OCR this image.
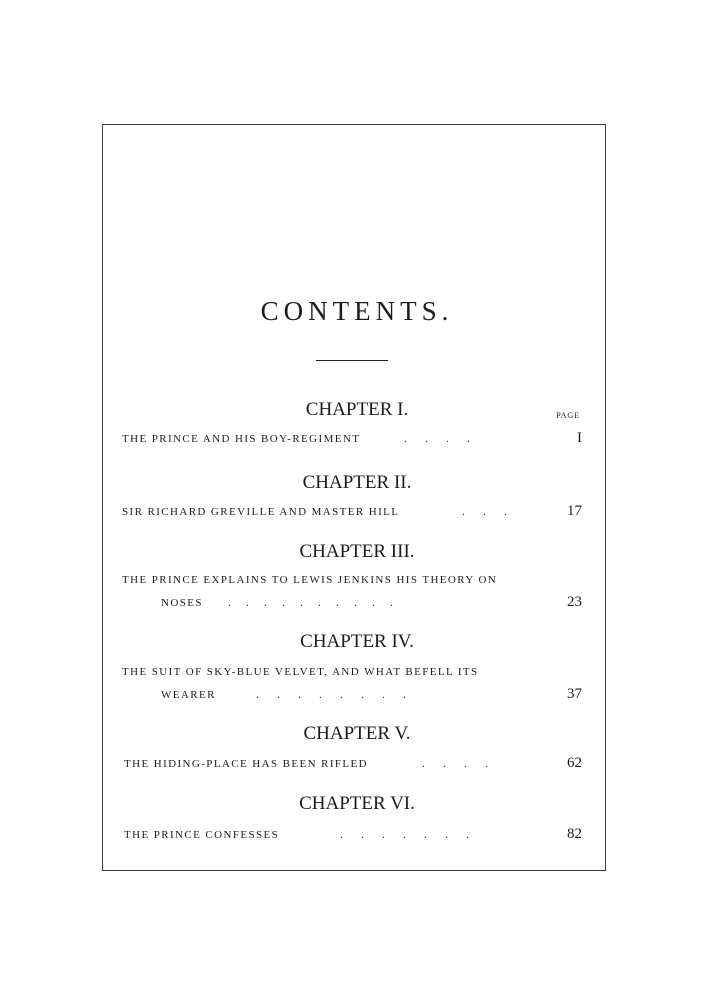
CONTENTS.
PAGE
CHAPTER I.
THE PRINCE AND HIS BOY-REGIMENT	.      .      .      .	I
CHAPTER II.
SIR RICHARD GREVILLE AND MASTER HILL	.      .      .	17
CHAPTER III.
THE PRINCE EXPLAINS TO LEWIS JENKINS HIS THEORY ON
NOSES .     .     .     .     .     .     .     .     .     .	23
CHAPTER IV.
THE SUIT OF SKY-BLUE VELVET, AND WHAT BEFELL ITS
WEARER	.      .      .      .      .      .      .      .	37
CHAPTER V.
THE HIDING-PLACE HAS BEEN RIFLED	.      .      .      .	62
CHAPTER VI.
THE PRINCE CONFESSES	.      .      .      .      .      .      .	82
